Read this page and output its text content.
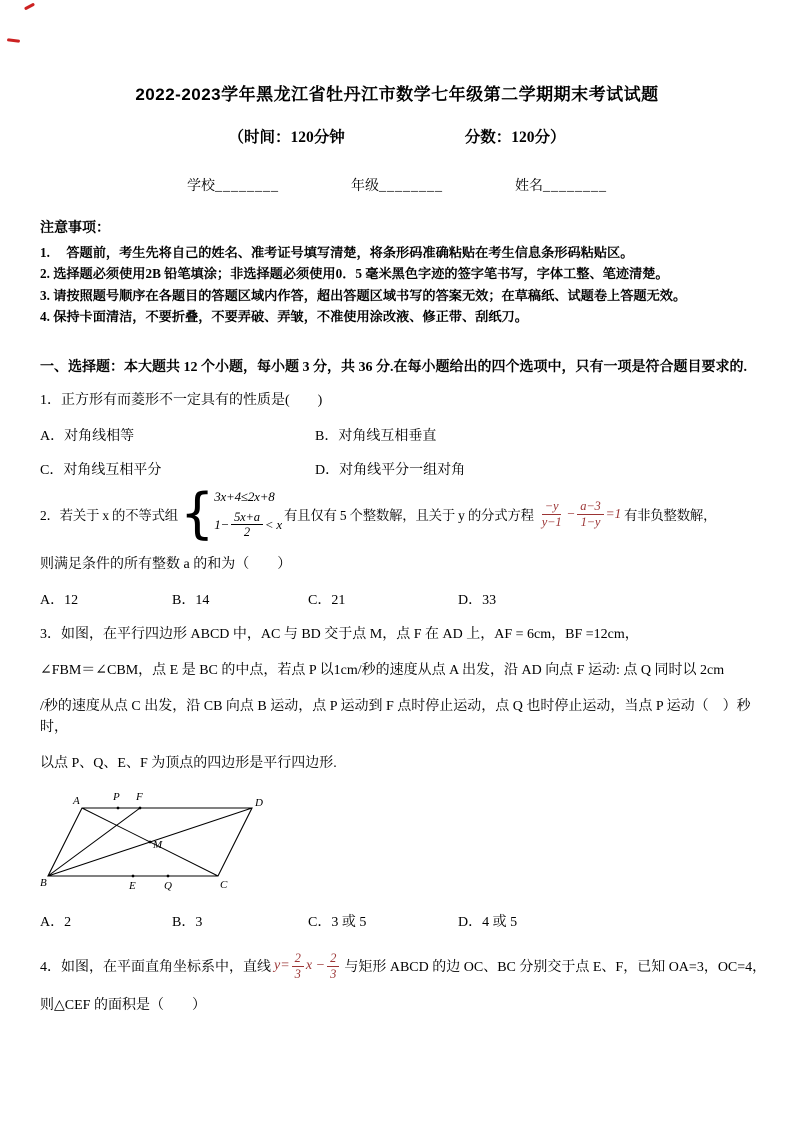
2022-2023学年黑龙江省牡丹江市数学七年级第二学期期末考试试题
（时间：120分钟	分数：120分）
学校________	年级________	姓名________
注意事项：
1.　 答题前，考生先将自己的姓名、准考证号填写清楚，将条形码准确粘贴在考生信息条形码粘贴区。
2. 选择题必须使用2B 铅笔填涂；非选择题必须使用0．5 毫米黑色字迹的签字笔书写，字体工整、笔迹清楚。
3. 请按照题号顺序在各题目的答题区域内作答，超出答题区域书写的答案无效；在草稿纸、试题卷上答题无效。
4. 保持卡面清洁，不要折叠，不要弄破、弄皱，不准使用涂改液、修正带、刮纸刀。
一、选择题：本大题共 12 个小题，每小题 3 分，共 36 分.在每小题给出的四个选项中，只有一项是符合题目要求的.
1．正方形有而菱形不一定具有的性质是(　　)
A．对角线相等	B．对角线互相垂直
C．对角线互相平分	D．对角线平分一组对角
2．若关于 x 的不等式组 { 3x+4≤2x+8
$1- \frac{5x+a}{2} < x$
有且仅有 5 个整数解，且关于 y 的分式方程 $\frac{-y}{y-1} - \frac{a-3}{1-y} =1$ 有非负整数解，
则满足条件的所有整数 a 的和为（　　）
A．12	B．14	C．21	D．33
3．如图，在平行四边形 ABCD 中，AC 与 BD 交于点 M，点 F 在 AD 上，AF = 6cm，BF =12cm，
∠FBM＝∠CBM，点 E 是 BC 的中点，若点 P 以1cm/秒的速度从点 A 出发，沿 AD 向点 F 运动: 点 Q 同时以 2cm
/秒的速度从点 C 出发，沿 CB 向点 B 运动，点 P 运动到 F 点时停止运动，点 Q 也时停止运动，当点 P 运动（　）秒时，
以点 P、Q、E、F 为顶点的四边形是平行四边形.
A	P F	D
M
B	E	Q	C
A．2	B．3	C．3 或 5	D．4 或 5
4．如图，在平面直角坐标系中，直线 $y= \frac{2}{3}$ $x - \frac{2}{3}$ 与矩形 ABCD 的边 OC、BC 分别交于点 E、F，已知 OA=3，OC=4，
则△CEF 的面积是（　　）
